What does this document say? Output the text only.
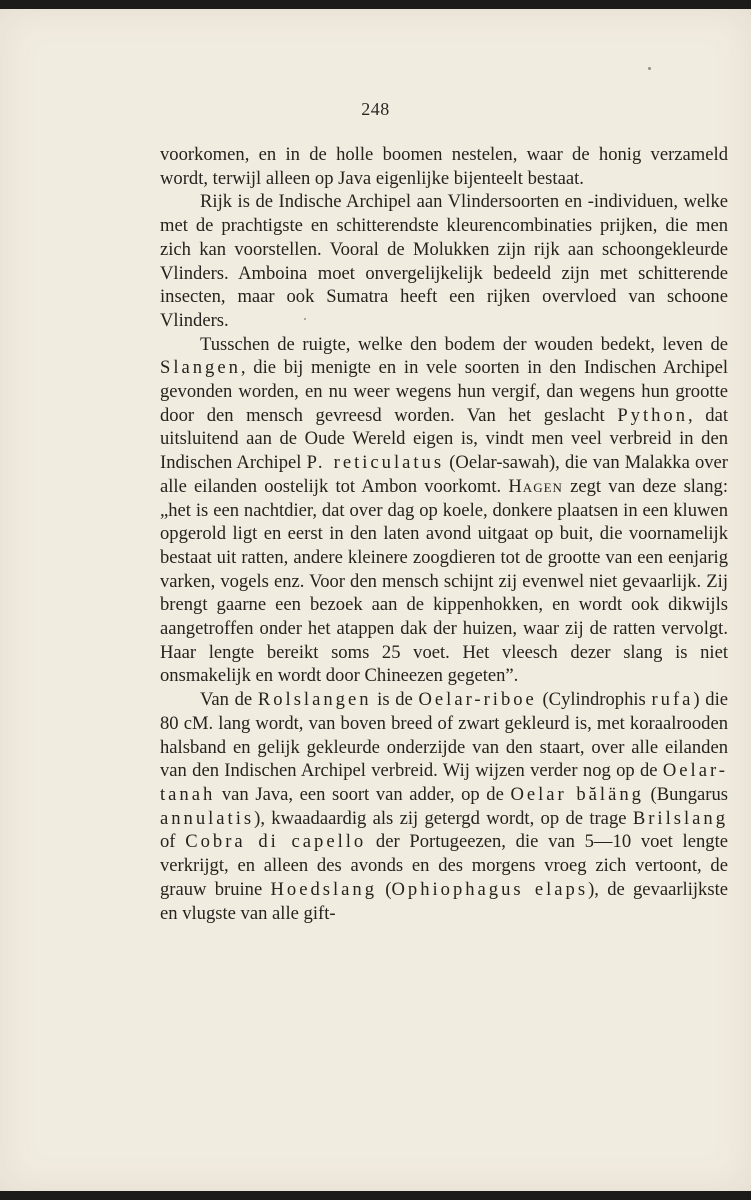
248

voorkomen, en in de holle boomen nestelen, waar de honig verzameld wordt, terwijl alleen op Java eigenlijke bijenteelt bestaat.

Rijk is de Indische Archipel aan Vlindersoorten en -individuen, welke met de prachtigste en schitterendste kleurencombinaties prijken, die men zich kan voorstellen. Vooral de Molukken zijn rijk aan schoongekleurde Vlinders. Amboina moet onvergelijkelijk bedeeld zijn met schitterende insecten, maar ook Sumatra heeft een rijken overvloed van schoone Vlinders.

Tusschen de ruigte, welke den bodem der wouden bedekt, leven de Slangen, die bij menigte en in vele soorten in den Indischen Archipel gevonden worden, en nu weer wegens hun vergif, dan wegens hun grootte door den mensch gevreesd worden. Van het geslacht Python, dat uitsluitend aan de Oude Wereld eigen is, vindt men veel verbreid in den Indischen Archipel P. reticulatus (Oelar-sawah), die van Malakka over alle eilanden oostelijk tot Ambon voorkomt. Hagen zegt van deze slang: „het is een nachtdier, dat over dag op koele, donkere plaatsen in een kluwen opgerold ligt en eerst in den laten avond uitgaat op buit, die voornamelijk bestaat uit ratten, andere kleinere zoogdieren tot de grootte van een eenjarig varken, vogels enz. Voor den mensch schijnt zij evenwel niet gevaarlijk. Zij brengt gaarne een bezoek aan de kippenhokken, en wordt ook dikwijls aangetroffen onder het atappen dak der huizen, waar zij de ratten vervolgt. Haar lengte bereikt soms 25 voet. Het vleesch dezer slang is niet onsmakelijk en wordt door Chineezen gegeten”.

Van de Rolslangen is de Oelar-riboe (Cylindrophis rufa) die 80 cM. lang wordt, van boven breed of zwart gekleurd is, met koraalrooden halsband en gelijk gekleurde onderzijde van den staart, over alle eilanden van den Indischen Archipel verbreid. Wij wijzen verder nog op de Oelar-tanah van Java, een soort van adder, op de Oelar băläng (Bungarus annulatis), kwaadaardig als zij getergd wordt, op de trage Brilslang of Cobra di capello der Portugeezen, die van 5—10 voet lengte verkrijgt, en alleen des avonds en des morgens vroeg zich vertoont, de grauw bruine Hoedslang (Ophiophagus elaps), de gevaarlijkste en vlugste van alle gift-
